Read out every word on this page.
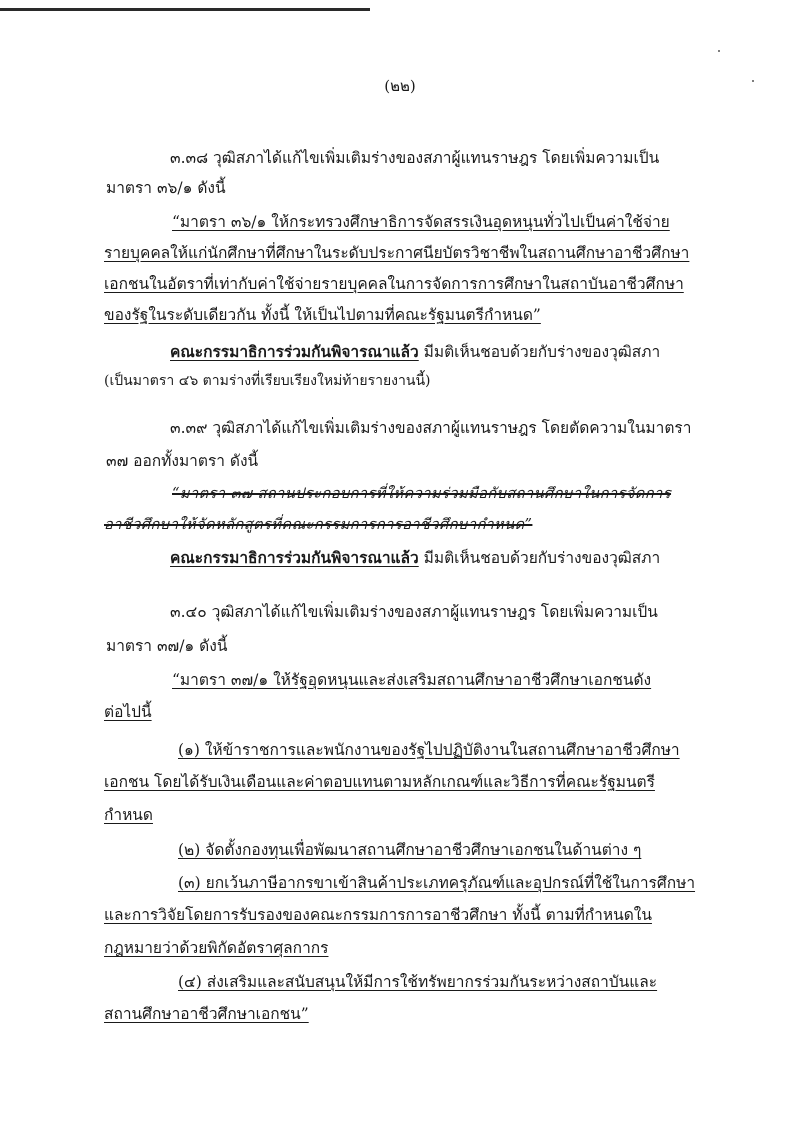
(๒๒)
๓.๓๘ วุฒิสภาได้แก้ไขเพิ่มเติมร่างของสภาผู้แทนราษฎร โดยเพิ่มความเป็น
มาตรา ๓๖/๑ ดังนี้
“มาตรา ๓๖/๑ ให้กระทรวงศึกษาธิการจัดสรรเงินอุดหนุนทั่วไปเป็นค่าใช้จ่าย
รายบุคคลให้แก่นักศึกษาที่ศึกษาในระดับประกาศนียบัตรวิชาชีพในสถานศึกษาอาชีวศึกษา
เอกชนในอัตราที่เท่ากับค่าใช้จ่ายรายบุคคลในการจัดการการศึกษาในสถาบันอาชีวศึกษา
ของรัฐในระดับเดียวกัน ทั้งนี้ ให้เป็นไปตามที่คณะรัฐมนตรีกำหนด”
คณะกรรมาธิการร่วมกันพิจารณาแล้ว มีมติเห็นชอบด้วยกับร่างของวุฒิสภา
(เป็นมาตรา ๔๖ ตามร่างที่เรียบเรียงใหม่ท้ายรายงานนี้)
๓.๓๙ วุฒิสภาได้แก้ไขเพิ่มเติมร่างของสภาผู้แทนราษฎร โดยตัดความในมาตรา
๓๗ ออกทั้งมาตรา ดังนี้
“มาตรา ๓๗ สถานประกอบการที่ให้ความร่วมมือกับสถานศึกษาในการจัดการ
อาชีวศึกษาให้จัดหลักสูตรที่คณะกรรมการการอาชีวศึกษากำหนด”
คณะกรรมาธิการร่วมกันพิจารณาแล้ว มีมติเห็นชอบด้วยกับร่างของวุฒิสภา
๓.๔๐ วุฒิสภาได้แก้ไขเพิ่มเติมร่างของสภาผู้แทนราษฎร โดยเพิ่มความเป็น
มาตรา ๓๗/๑ ดังนี้
“มาตรา ๓๗/๑ ให้รัฐอุดหนุนและส่งเสริมสถานศึกษาอาชีวศึกษาเอกชนดัง
ต่อไปนี้
(๑) ให้ข้าราชการและพนักงานของรัฐไปปฏิบัติงานในสถานศึกษาอาชีวศึกษา
เอกชน โดยได้รับเงินเดือนและค่าตอบแทนตามหลักเกณฑ์และวิธีการที่คณะรัฐมนตรี
กำหนด
(๒) จัดตั้งกองทุนเพื่อพัฒนาสถานศึกษาอาชีวศึกษาเอกชนในด้านต่าง ๆ
(๓) ยกเว้นภาษีอากรขาเข้าสินค้าประเภทครุภัณฑ์และอุปกรณ์ที่ใช้ในการศึกษา
และการวิจัยโดยการรับรองของคณะกรรมการการอาชีวศึกษา ทั้งนี้ ตามที่กำหนดใน
กฎหมายว่าด้วยพิกัดอัตราศุลกากร
(๔) ส่งเสริมและสนับสนุนให้มีการใช้ทรัพยากรร่วมกันระหว่างสถาบันและ
สถานศึกษาอาชีวศึกษาเอกชน”
